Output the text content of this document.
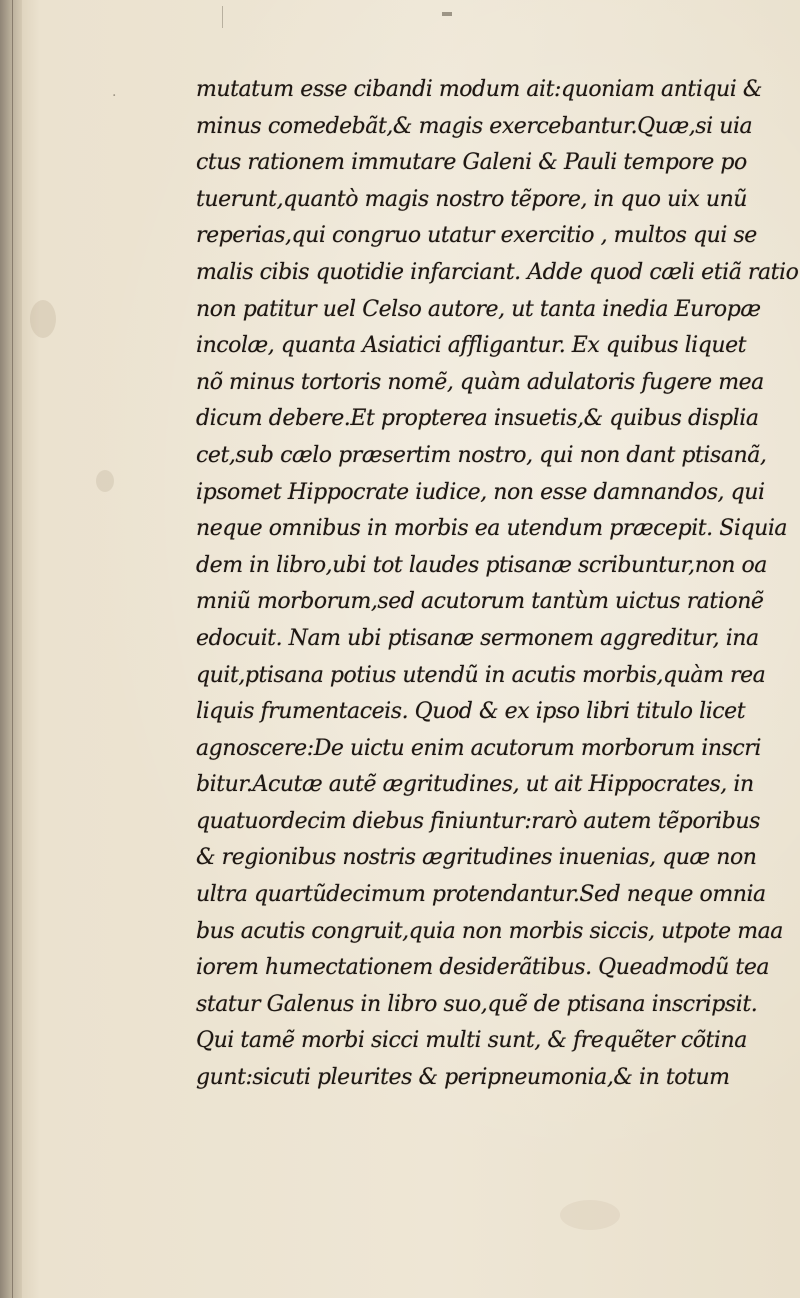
·	mutatum esse cibandi modum ait:quoniam antiqui &
minus comedebãt,& magis exercebantur.Quæ,si uiа
ctus rationem immutare Galeni & Pauli tempore po
tuerunt,quantò magis nostro tẽpore, in quo uix unũ
reperias,qui congruo utatur exercitio , multos qui se
malis cibis quotidie infarciant. Adde quod cæli etiã ratio
non patitur uel Celso autore, ut tanta inedia Europæ
incolæ, quanta Asiatici affligantur. Ex quibus liquet
nõ minus tortoris nomẽ, quàm adulatoris fugere meа
dicum debere.Et propterea insuetis,& quibus displiа
cet,sub cælo præsertim nostro, qui non dant ptisanã,
ipsomet Hippocrate iudice, non esse damnandos, qui
neque omnibus in morbis ea utendum præcepit. Siquiа
dem in libro,ubi tot laudes ptisanæ scribuntur,non oа
mniũ morborum,sed acutorum tantùm uictus rationẽ
edocuit. Nam ubi ptisanæ sermonem aggreditur, inа
quit,ptisana potius utendũ in acutis morbis,quàm reа
liquis frumentaceis. Quod & ex ipso libri titulo licet
agnoscere:De uictu enim acutorum morborum inscri
bitur.Acutæ autẽ ægritudines, ut ait Hippocrates, in
quatuordecim diebus finiuntur:rarò autem tẽporibus
& regionibus nostris ægritudines inuenias, quæ non
ultra quartũdecimum protendantur.Sed neque omniа
bus acutis congruit,quia non morbis siccis, utpote maа
iorem humectationem desiderãtibus. Queadmodũ teа
statur Galenus in libro suo,quẽ de ptisana inscripsit.
Qui tamẽ morbi sicci multi sunt, & frequẽter cõtinа
gunt:sicuti pleurites & peripneumonia,& in totum
